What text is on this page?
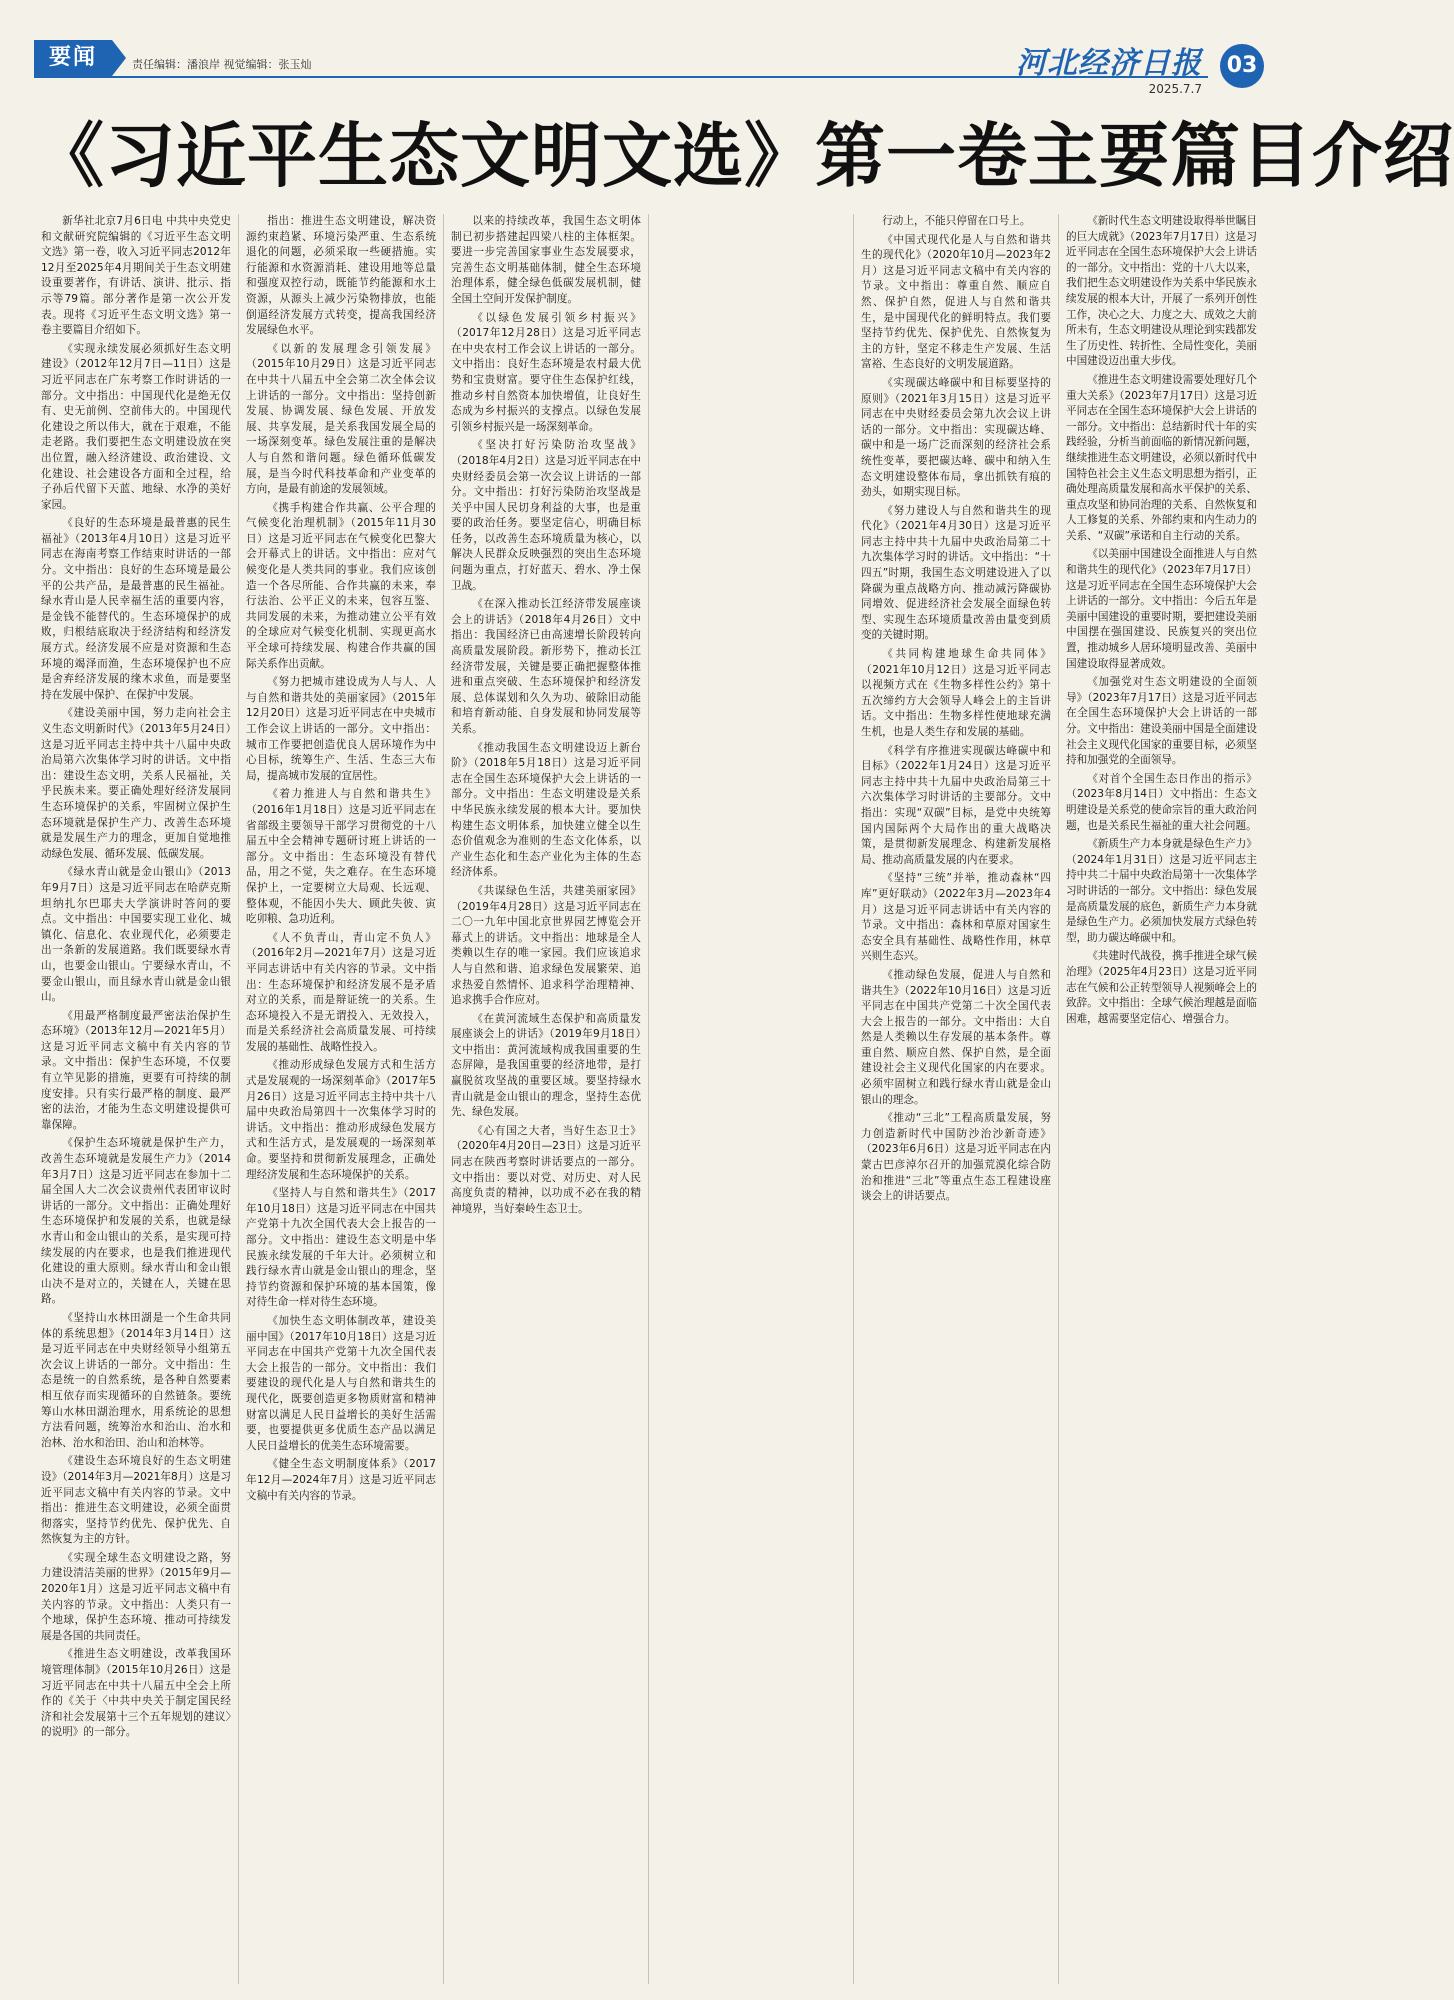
要闻	责任编辑：潘浪岸 视觉编辑：张玉灿	河北经济日报
2025.7.7
03
《习近平生态文明文选》第一卷主要篇目介绍

新华社北京7月6日电 中共中央党史和文献研究院编辑的《习近平生态文明文选》第一卷，收入习近平同志2012年12月至2025年4月期间关于生态文明建设重要著作，有讲话、演讲、批示、指示等79篇。部分著作是第一次公开发表。现将《习近平生态文明文选》第一卷主要篇目介绍如下。

《实现永续发展必须抓好生态文明建设》（2012年12月7日—11日）这是习近平同志在广东考察工作时讲话的一部分。文中指出：中国现代化是绝无仅有、史无前例、空前伟大的。中国现代化建设之所以伟大，就在于艰难，不能走老路。我们要把生态文明建设放在突出位置，融入经济建设、政治建设、文化建设、社会建设各方面和全过程，给子孙后代留下天蓝、地绿、水净的美好家园。

《良好的生态环境是最普惠的民生福祉》（2013年4月10日）这是习近平同志在海南考察工作结束时讲话的一部分。文中指出：良好的生态环境是最公平的公共产品，是最普惠的民生福祉。绿水青山是人民幸福生活的重要内容，是金钱不能替代的。生态环境保护的成败，归根结底取决于经济结构和经济发展方式。经济发展不应是对资源和生态环境的竭泽而渔，生态环境保护也不应是舍弃经济发展的缘木求鱼，而是要坚持在发展中保护、在保护中发展。

《建设美丽中国，努力走向社会主义生态文明新时代》（2013年5月24日）这是习近平同志主持中共十八届中央政治局第六次集体学习时的讲话。文中指出：建设生态文明，关系人民福祉，关乎民族未来。要正确处理好经济发展同生态环境保护的关系，牢固树立保护生态环境就是保护生产力、改善生态环境就是发展生产力的理念，更加自觉地推动绿色发展、循环发展、低碳发展。

《绿水青山就是金山银山》（2013年9月7日）这是习近平同志在哈萨克斯坦纳扎尔巴耶夫大学演讲时答问的要点。文中指出：中国要实现工业化、城镇化、信息化、农业现代化，必须要走出一条新的发展道路。我们既要绿水青山，也要金山银山。宁要绿水青山，不要金山银山，而且绿水青山就是金山银山。

《用最严格制度最严密法治保护生态环境》（2013年12月—2021年5月）这是习近平同志文稿中有关内容的节录。文中指出：保护生态环境，不仅要有立竿见影的措施，更要有可持续的制度安排。只有实行最严格的制度、最严密的法治，才能为生态文明建设提供可靠保障。

《保护生态环境就是保护生产力，改善生态环境就是发展生产力》（2014年3月7日）这是习近平同志在参加十二届全国人大二次会议贵州代表团审议时讲话的一部分。文中指出：正确处理好生态环境保护和发展的关系，也就是绿水青山和金山银山的关系，是实现可持续发展的内在要求，也是我们推进现代化建设的重大原则。绿水青山和金山银山决不是对立的，关键在人，关键在思路。

《坚持山水林田湖是一个生命共同体的系统思想》（2014年3月14日）这是习近平同志在中央财经领导小组第五次会议上讲话的一部分。文中指出：生态是统一的自然系统，是各种自然要素相互依存而实现循环的自然链条。要统筹山水林田湖治理水，用系统论的思想方法看问题，统筹治水和治山、治水和治林、治水和治田、治山和治林等。

《建设生态环境良好的生态文明建设》（2014年3月—2021年8月）这是习近平同志文稿中有关内容的节录。文中指出：推进生态文明建设，必须全面贯彻落实，坚持节约优先、保护优先、自然恢复为主的方针。

《实现全球生态文明建设之路，努力建设清洁美丽的世界》（2015年9月—2020年1月）这是习近平同志文稿中有关内容的节录。文中指出：人类只有一个地球，保护生态环境、推动可持续发展是各国的共同责任。

《推进生态文明建设，改革我国环境管理体制》（2015年10月26日）这是习近平同志在中共十八届五中全会上所作的《关于〈中共中央关于制定国民经济和社会发展第十三个五年规划的建议〉的说明》的一部分。

指出：推进生态文明建设，解决资源约束趋紧、环境污染严重、生态系统退化的问题，必须采取一些硬措施。实行能源和水资源消耗、建设用地等总量和强度双控行动，既能节约能源和水土资源，从源头上减少污染物排放，也能倒逼经济发展方式转变，提高我国经济发展绿色水平。

《以新的发展理念引领发展》（2015年10月29日）这是习近平同志在中共十八届五中全会第二次全体会议上讲话的一部分。文中指出：坚持创新发展、协调发展、绿色发展、开放发展、共享发展，是关系我国发展全局的一场深刻变革。绿色发展注重的是解决人与自然和谐问题。绿色循环低碳发展，是当今时代科技革命和产业变革的方向，是最有前途的发展领域。

《携手构建合作共赢、公平合理的气候变化治理机制》（2015年11月30日）这是习近平同志在气候变化巴黎大会开幕式上的讲话。文中指出：应对气候变化是人类共同的事业。我们应该创造一个各尽所能、合作共赢的未来，奉行法治、公平正义的未来，包容互鉴、共同发展的未来，为推动建立公平有效的全球应对气候变化机制、实现更高水平全球可持续发展、构建合作共赢的国际关系作出贡献。

《努力把城市建设成为人与人、人与自然和谐共处的美丽家园》（2015年12月20日）这是习近平同志在中央城市工作会议上讲话的一部分。文中指出：城市工作要把创造优良人居环境作为中心目标，统筹生产、生活、生态三大布局，提高城市发展的宜居性。

《着力推进人与自然和谐共生》（2016年1月18日）这是习近平同志在省部级主要领导干部学习贯彻党的十八届五中全会精神专题研讨班上讲话的一部分。文中指出：生态环境没有替代品，用之不觉，失之难存。在生态环境保护上，一定要树立大局观、长远观、整体观，不能因小失大、顾此失彼、寅吃卯粮、急功近利。

《人不负青山，青山定不负人》（2016年2月—2021年7月）这是习近平同志讲话中有关内容的节录。文中指出：生态环境保护和经济发展不是矛盾对立的关系，而是辩证统一的关系。生态环境投入不是无谓投入、无效投入，而是关系经济社会高质量发展、可持续发展的基础性、战略性投入。

《推动形成绿色发展方式和生活方式是发展观的一场深刻革命》（2017年5月26日）这是习近平同志主持中共十八届中央政治局第四十一次集体学习时的讲话。文中指出：推动形成绿色发展方式和生活方式，是发展观的一场深刻革命。要坚持和贯彻新发展理念，正确处理经济发展和生态环境保护的关系。

《坚持人与自然和谐共生》（2017年10月18日）这是习近平同志在中国共产党第十九次全国代表大会上报告的一部分。文中指出：建设生态文明是中华民族永续发展的千年大计。必须树立和践行绿水青山就是金山银山的理念，坚持节约资源和保护环境的基本国策，像对待生命一样对待生态环境。

《加快生态文明体制改革，建设美丽中国》（2017年10月18日）这是习近平同志在中国共产党第十九次全国代表大会上报告的一部分。文中指出：我们要建设的现代化是人与自然和谐共生的现代化，既要创造更多物质财富和精神财富以满足人民日益增长的美好生活需要，也要提供更多优质生态产品以满足人民日益增长的优美生态环境需要。

《健全生态文明制度体系》（2017年12月—2024年7月）这是习近平同志文稿中有关内容的节录。

以来的持续改革，我国生态文明体制已初步搭建起四梁八柱的主体框架。要进一步完善国家事业生态发展要求，完善生态文明基础体制，健全生态环境治理体系，健全绿色低碳发展机制，健全国土空间开发保护制度。

《以绿色发展引领乡村振兴》（2017年12月28日）这是习近平同志在中央农村工作会议上讲话的一部分。文中指出：良好生态环境是农村最大优势和宝贵财富。要守住生态保护红线，推动乡村自然资本加快增值，让良好生态成为乡村振兴的支撑点。以绿色发展引领乡村振兴是一场深刻革命。

《坚决打好污染防治攻坚战》（2018年4月2日）这是习近平同志在中央财经委员会第一次会议上讲话的一部分。文中指出：打好污染防治攻坚战是关乎中国人民切身利益的大事，也是重要的政治任务。要坚定信心，明确目标任务，以改善生态环境质量为核心，以解决人民群众反映强烈的突出生态环境问题为重点，打好蓝天、碧水、净土保卫战。

《在深入推动长江经济带发展座谈会上的讲话》（2018年4月26日）文中指出：我国经济已由高速增长阶段转向高质量发展阶段。新形势下，推动长江经济带发展，关键是要正确把握整体推进和重点突破、生态环境保护和经济发展、总体谋划和久久为功、破除旧动能和培育新动能、自身发展和协同发展等关系。

《推动我国生态文明建设迈上新台阶》（2018年5月18日）这是习近平同志在全国生态环境保护大会上讲话的一部分。文中指出：生态文明建设是关系中华民族永续发展的根本大计。要加快构建生态文明体系，加快建立健全以生态价值观念为准则的生态文化体系，以产业生态化和生态产业化为主体的生态经济体系。

《共谋绿色生活，共建美丽家园》（2019年4月28日）这是习近平同志在二〇一九年中国北京世界园艺博览会开幕式上的讲话。文中指出：地球是全人类赖以生存的唯一家园。我们应该追求人与自然和谐、追求绿色发展繁荣、追求热爱自然情怀、追求科学治理精神、追求携手合作应对。

《在黄河流域生态保护和高质量发展座谈会上的讲话》（2019年9月18日）文中指出：黄河流域构成我国重要的生态屏障，是我国重要的经济地带，是打赢脱贫攻坚战的重要区域。要坚持绿水青山就是金山银山的理念，坚持生态优先、绿色发展。

《心有国之大者，当好生态卫士》（2020年4月20日—23日）这是习近平同志在陕西考察时讲话要点的一部分。文中指出：要以对党、对历史、对人民高度负责的精神，以功成不必在我的精神境界，当好秦岭生态卫士。

行动上，不能只停留在口号上。

《中国式现代化是人与自然和谐共生的现代化》（2020年10月—2023年2月）这是习近平同志文稿中有关内容的节录。文中指出：尊重自然、顺应自然、保护自然，促进人与自然和谐共生，是中国现代化的鲜明特点。我们要坚持节约优先、保护优先、自然恢复为主的方针，坚定不移走生产发展、生活富裕、生态良好的文明发展道路。

《实现碳达峰碳中和目标要坚持的原则》（2021年3月15日）这是习近平同志在中央财经委员会第九次会议上讲话的一部分。文中指出：实现碳达峰、碳中和是一场广泛而深刻的经济社会系统性变革，要把碳达峰、碳中和纳入生态文明建设整体布局，拿出抓铁有痕的劲头，如期实现目标。

《努力建设人与自然和谐共生的现代化》（2021年4月30日）这是习近平同志主持中共十九届中央政治局第二十九次集体学习时的讲话。文中指出：“十四五”时期，我国生态文明建设进入了以降碳为重点战略方向、推动减污降碳协同增效、促进经济社会发展全面绿色转型、实现生态环境质量改善由量变到质变的关键时期。

《共同构建地球生命共同体》（2021年10月12日）这是习近平同志以视频方式在《生物多样性公约》第十五次缔约方大会领导人峰会上的主旨讲话。文中指出：生物多样性使地球充满生机，也是人类生存和发展的基础。

《科学有序推进实现碳达峰碳中和目标》（2022年1月24日）这是习近平同志主持中共十九届中央政治局第三十六次集体学习时讲话的主要部分。文中指出：实现“双碳”目标，是党中央统筹国内国际两个大局作出的重大战略决策，是贯彻新发展理念、构建新发展格局、推动高质量发展的内在要求。

《坚持“三统”并举，推动森林“四库”更好联动》（2022年3月—2023年4月）这是习近平同志讲话中有关内容的节录。文中指出：森林和草原对国家生态安全具有基础性、战略性作用，林草兴则生态兴。

《推动绿色发展，促进人与自然和谐共生》（2022年10月16日）这是习近平同志在中国共产党第二十次全国代表大会上报告的一部分。文中指出：大自然是人类赖以生存发展的基本条件。尊重自然、顺应自然、保护自然，是全面建设社会主义现代化国家的内在要求。必须牢固树立和践行绿水青山就是金山银山的理念。

《推动“三北”工程高质量发展，努力创造新时代中国防沙治沙新奇迹》（2023年6月6日）这是习近平同志在内蒙古巴彦淖尔召开的加强荒漠化综合防治和推进“三北”等重点生态工程建设座谈会上的讲话要点。

《新时代生态文明建设取得举世瞩目的巨大成就》（2023年7月17日）这是习近平同志在全国生态环境保护大会上讲话的一部分。文中指出：党的十八大以来，我们把生态文明建设作为关系中华民族永续发展的根本大计，开展了一系列开创性工作，决心之大、力度之大、成效之大前所未有，生态文明建设从理论到实践都发生了历史性、转折性、全局性变化，美丽中国建设迈出重大步伐。

《推进生态文明建设需要处理好几个重大关系》（2023年7月17日）这是习近平同志在全国生态环境保护大会上讲话的一部分。文中指出：总结新时代十年的实践经验，分析当前面临的新情况新问题，继续推进生态文明建设，必须以新时代中国特色社会主义生态文明思想为指引，正确处理高质量发展和高水平保护的关系、重点攻坚和协同治理的关系、自然恢复和人工修复的关系、外部约束和内生动力的关系、“双碳”承诺和自主行动的关系。

《以美丽中国建设全面推进人与自然和谐共生的现代化》（2023年7月17日）这是习近平同志在全国生态环境保护大会上讲话的一部分。文中指出：今后五年是美丽中国建设的重要时期，要把建设美丽中国摆在强国建设、民族复兴的突出位置，推动城乡人居环境明显改善、美丽中国建设取得显著成效。

《加强党对生态文明建设的全面领导》（2023年7月17日）这是习近平同志在全国生态环境保护大会上讲话的一部分。文中指出：建设美丽中国是全面建设社会主义现代化国家的重要目标，必须坚持和加强党的全面领导。

《对首个全国生态日作出的指示》（2023年8月14日）文中指出：生态文明建设是关系党的使命宗旨的重大政治问题，也是关系民生福祉的重大社会问题。

《新质生产力本身就是绿色生产力》（2024年1月31日）这是习近平同志主持中共二十届中央政治局第十一次集体学习时讲话的一部分。文中指出：绿色发展是高质量发展的底色，新质生产力本身就是绿色生产力。必须加快发展方式绿色转型，助力碳达峰碳中和。

《共建时代战役，携手推进全球气候治理》（2025年4月23日）这是习近平同志在气候和公正转型领导人视频峰会上的致辞。文中指出：全球气候治理越是面临困难，越需要坚定信心、增强合力。
